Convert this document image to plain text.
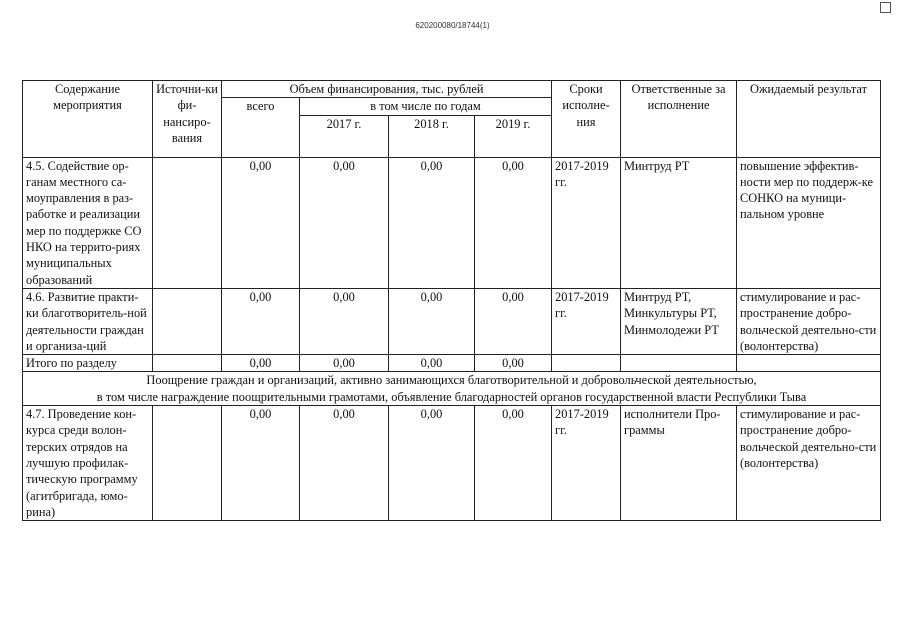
620200080/18744(1)
Содержание мероприятия	Источни-ки фи-нансиро-вания	Объем финансирования, тыс. рублей				Сроки исполне-ния	Ответственные за исполнение	Ожидаемый результат
		всего	в том числе по годам					
			2017 г.	2018 г.	2019 г.			
4.5. Содействие ор-ганам местного са-моуправления в раз-работке и реализации мер по поддержке СО НКО на террито-риях муниципальных образований		0,00	0,00	0,00	0,00	2017-2019 гг.	Минтруд РТ	повышение эффектив-ности мер по поддерж-ке СОНКО на муници-пальном уровне
4.6. Развитие практи-ки благотворитель-ной деятельности граждан и организа-ций		0,00	0,00	0,00	0,00	2017-2019 гг.	Минтруд РТ, Минкультуры РТ, Минмолодежи РТ	стимулирование и рас-пространение добро-вольческой деятельно-сти (волонтерства)
Итого по разделу		0,00	0,00	0,00	0,00			

Поощрение граждан и организаций, активно занимающихся благотворительной и добровольческой деятельностью,
в том числе награждение поощрительными грамотами, объявление благодарностей органов государственной власти Республики Тыва								

4.7. Проведение кон-курса среди волон-терских отрядов на лучшую профилак-тическую программу (агитбригада, юмо-рина)		0,00	0,00	0,00	0,00	2017-2019 гг.	исполнители Про-граммы	стимулирование и рас-пространение добро-вольческой деятельно-сти (волонтерства)
